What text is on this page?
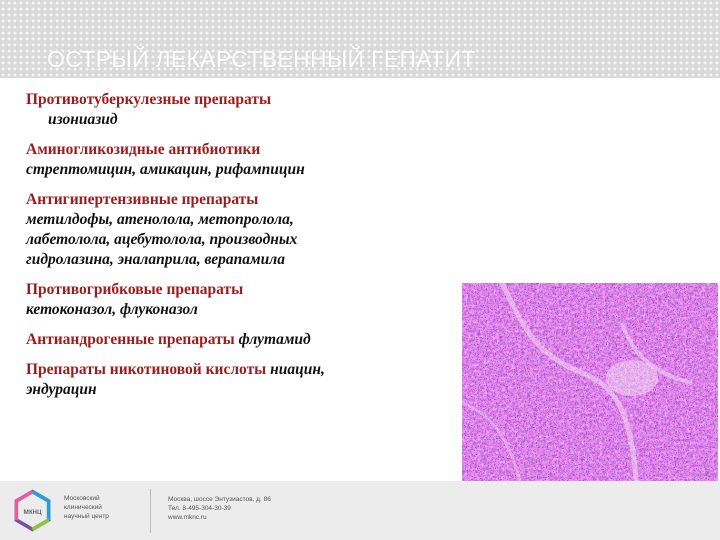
ОСТРЫЙ ЛЕКАРСТВЕННЫЙ ГЕПАТИТ
Противотуберкулезные препараты
изониазид
Аминогликозидные антибиотики
стрептомицин, амикацин, рифампицин
Антигипертензивные препараты
метилдофы, атенолола, метопролола,
лабетолола, ацебутолола, производных
гидролазина, эналаприла, верапамила
Противогрибковые препараты
кетоконазол, флуконазол
Антиандрогенные препараты флутамид
Препараты никотиновой кислоты ниацин,
эндурацин
мкнц
Московский
клинический
научный центр
Москва, шоссе Энтузиастов, д. 86
Тел. 8-495-304-30-39
www.mknc.ru
